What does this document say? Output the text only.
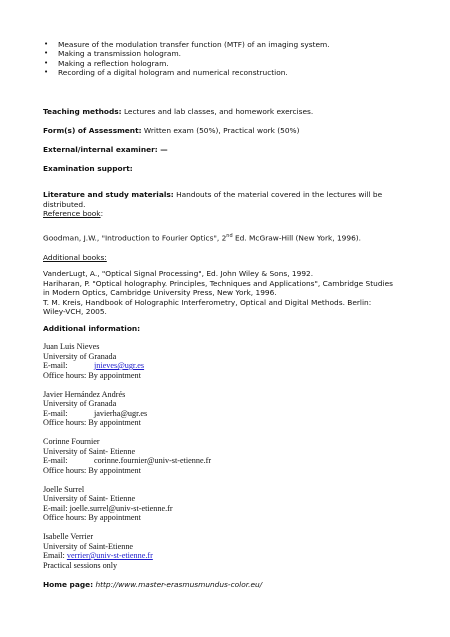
• Measure of the modulation transfer function (MTF) of an imaging system.
• Making a transmission hologram.
• Making a reflection hologram.
• Recording of a digital hologram and numerical reconstruction.
Teaching methods: Lectures and lab classes, and homework exercises.
Form(s) of Assessment: Written exam (50%), Practical work (50%)
External/internal examiner: —
Examination support:
Literature and study materials: Handouts of the material covered in the lectures will be
distributed.
Reference book:
Goodman, J.W., "Introduction to Fourier Optics", 2nd Ed. McGraw-Hill (New York, 1996).
Additional books:
VanderLugt, A., "Optical Signal Processing", Ed. John Wiley & Sons, 1992.
Hariharan, P. "Optical holography. Principles, Techniques and Applications", Cambridge Studies
in Modern Optics, Cambridge University Press, New York, 1996.
T. M. Kreis, Handbook of Holographic Interferometry, Optical and Digital Methods. Berlin:
Wiley-VCH, 2005.
Additional information:
Juan Luis Nieves
University of Granada
E-mail:	jnieves@ugr.es
Office hours: By appointment
Javier Hernández Andrés
University of Granada
E-mail:	javierha@ugr.es
Office hours: By appointment
Corinne Fournier
University of Saint- Etienne
E-mail:	corinne.fournier@univ-st-etienne.fr
Office hours: By appointment
Joelle Surrel
University of Saint- Etienne
E-mail: joelle.surrel@univ-st-etienne.fr
Office hours: By appointment
Isabelle Verrier
University of Saint-Etienne
Email: verrier@univ-st-etienne.fr
Practical sessions only
Home page: http://www.master-erasmusmundus-color.eu/
